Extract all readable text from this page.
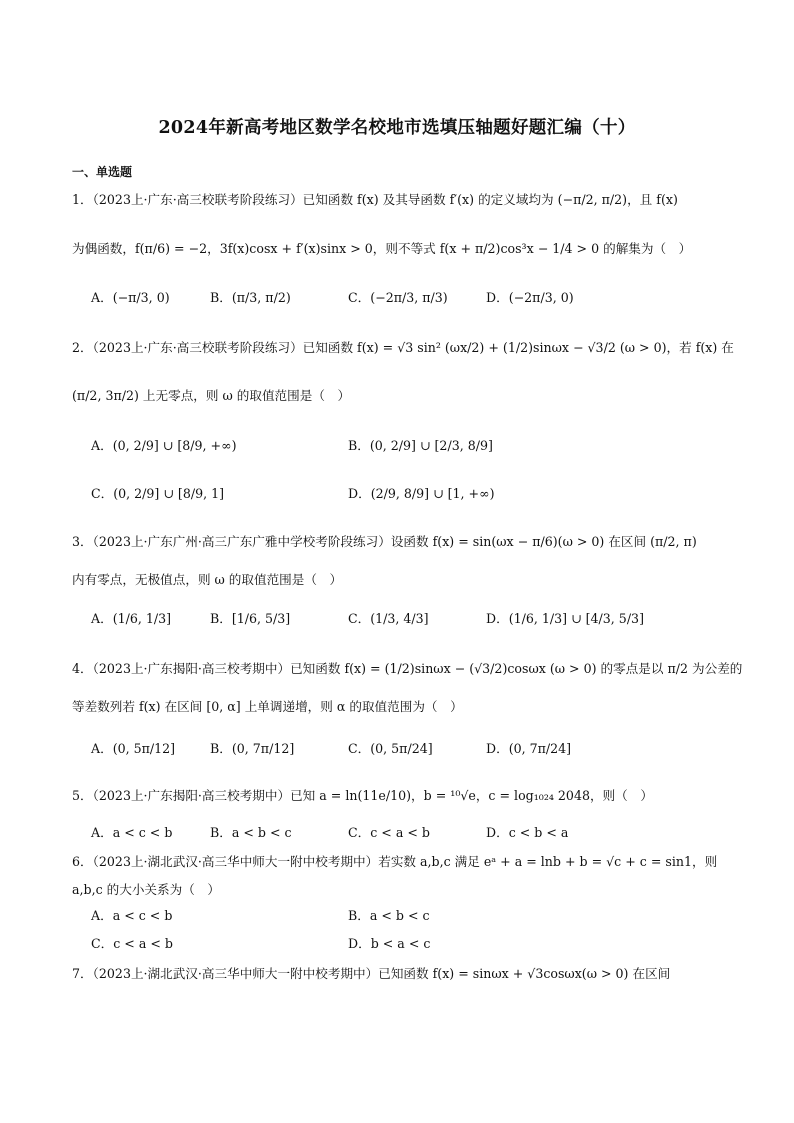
2024年新高考地区数学名校地市选填压轴题好题汇编（十）
一、单选题
1．（2023上·广东·高三校联考阶段练习）已知函数 f(x) 及其导函数 f′(x) 的定义域均为 (−π/2, π/2)，且 f(x)
为偶函数，f(π/6) = −2，3f(x)cosx + f′(x)sinx > 0，则不等式 f(x + π/2)cos³x − 1/4 > 0 的解集为（　）
A．(−π/3, 0)	B．(π/3, π/2)	C．(−2π/3, π/3)	D．(−2π/3, 0)
2．（2023上·广东·高三校联考阶段练习）已知函数 f(x) = √3 sin² (ωx/2) + (1/2)sinωx − √3/2 (ω > 0)，若 f(x) 在
(π/2, 3π/2) 上无零点，则 ω 的取值范围是（　）
A．(0, 2/9] ∪ [8/9, +∞)	B．(0, 2/9] ∪ [2/3, 8/9]
C．(0, 2/9] ∪ [8/9, 1]	D．(2/9, 8/9] ∪ [1, +∞)
3．（2023上·广东广州·高三广东广雅中学校考阶段练习）设函数 f(x) = sin(ωx − π/6)(ω > 0) 在区间 (π/2, π)
内有零点，无极值点，则 ω 的取值范围是（　）
A．(1/6, 1/3]	B．[1/6, 5/3]	C．(1/3, 4/3]	D．(1/6, 1/3] ∪ [4/3, 5/3]
4．（2023上·广东揭阳·高三校考期中）已知函数 f(x) = (1/2)sinωx − (√3/2)cosωx (ω > 0) 的零点是以 π/2 为公差的
等差数列若 f(x) 在区间 [0, α] 上单调递增，则 α 的取值范围为（　）
A．(0, 5π/12]	B．(0, 7π/12]	C．(0, 5π/24]	D．(0, 7π/24]
5．（2023上·广东揭阳·高三校考期中）已知 a = ln(11e/10)，b = ¹⁰√e，c = log₁₀₂₄ 2048，则（　）
A．a < c < b	B．a < b < c	C．c < a < b	D．c < b < a
6．（2023上·湖北武汉·高三华中师大一附中校考期中）若实数 a,b,c 满足 eᵃ + a = lnb + b = √c + c = sin1，则
a,b,c 的大小关系为（　）
A．a < c < b	B．a < b < c
C．c < a < b	D．b < a < c
7．（2023上·湖北武汉·高三华中师大一附中校考期中）已知函数 f(x) = sinωx + √3cosωx(ω > 0) 在区间
